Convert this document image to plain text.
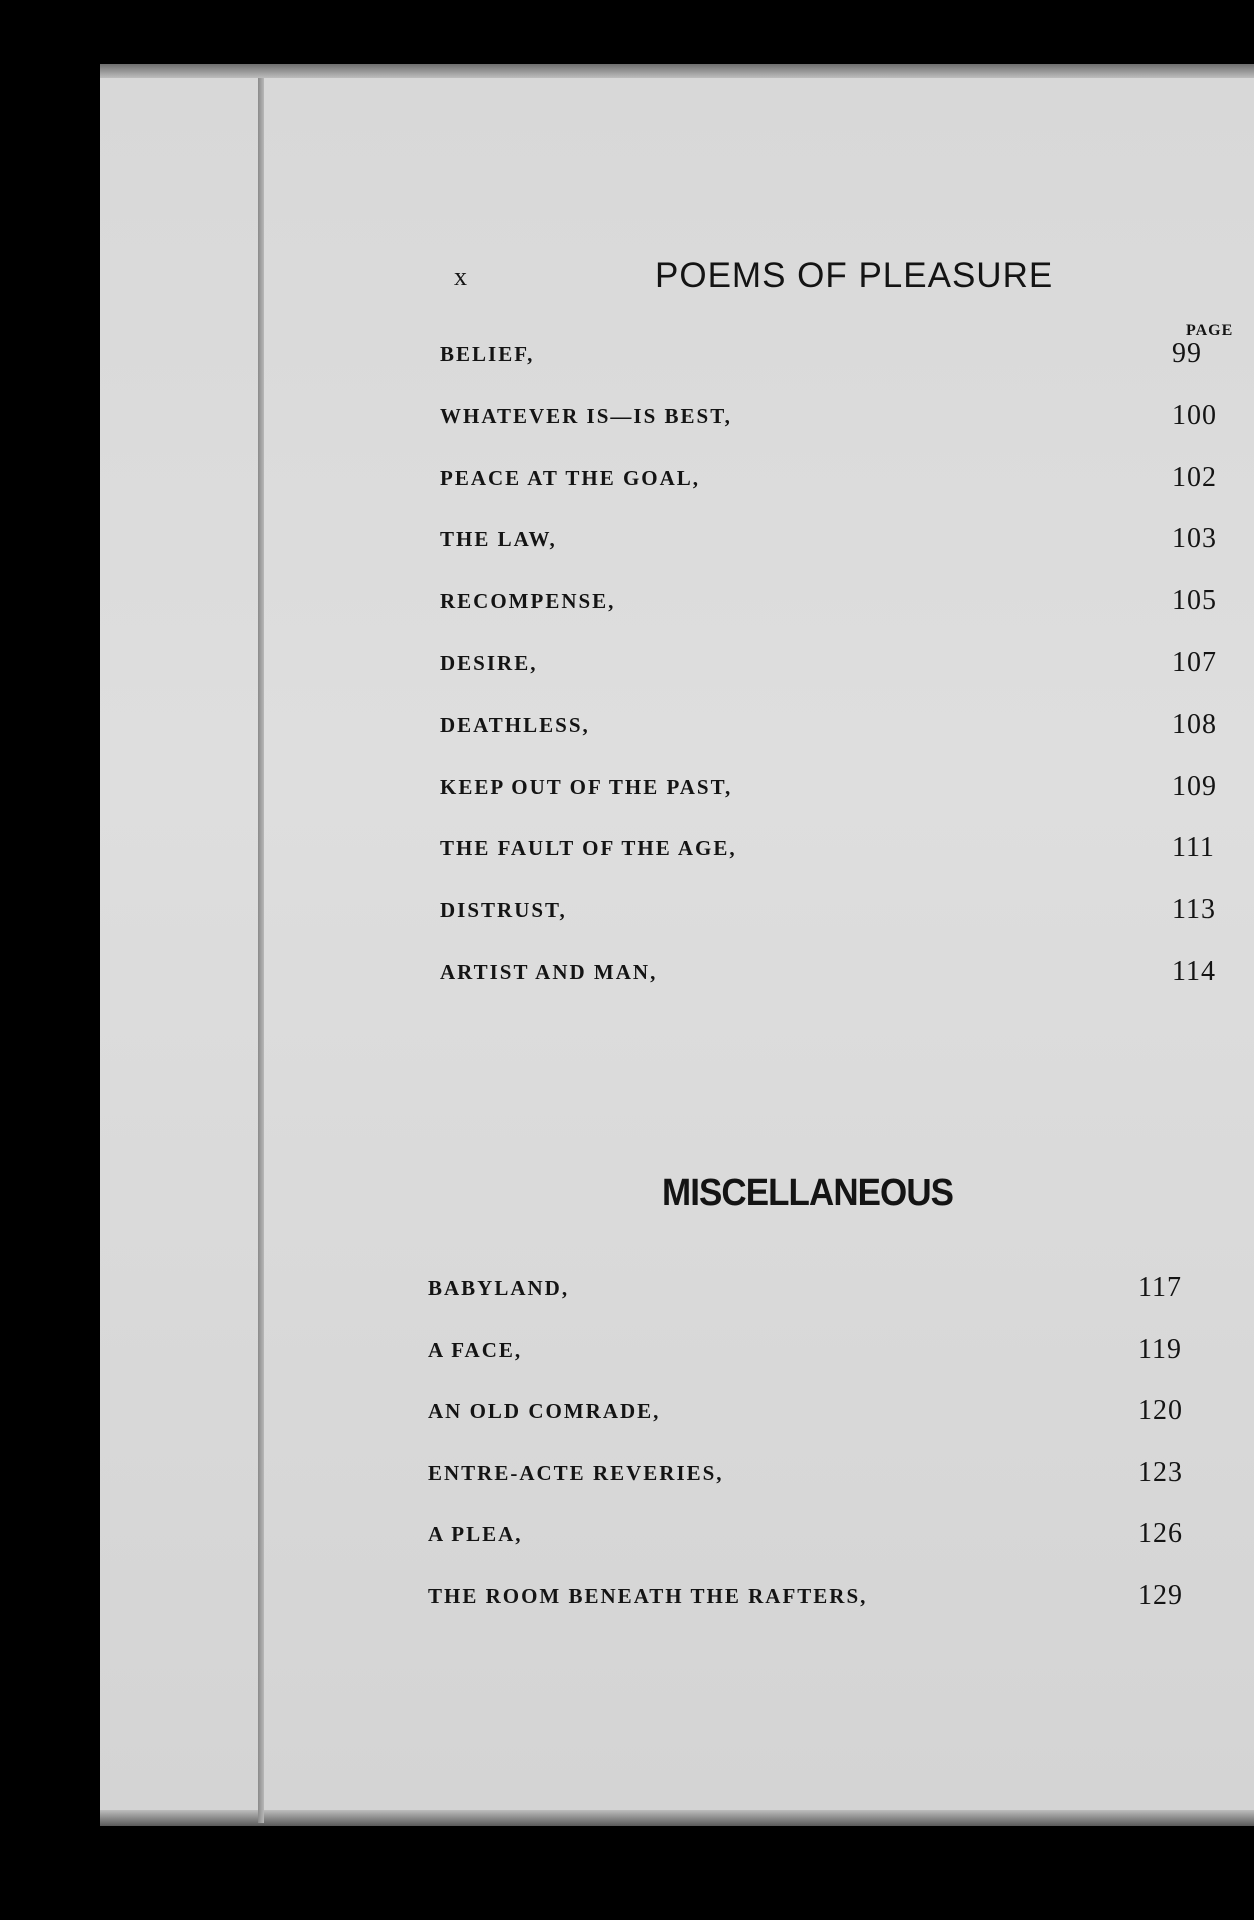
x	POEMS OF PLEASURE
PAGE
BELIEF,	99
WHATEVER IS—IS BEST,	100
PEACE AT THE GOAL,	102
THE LAW,	103
RECOMPENSE,	105
DESIRE,	107
DEATHLESS,	108
KEEP OUT OF THE PAST,	109
THE FAULT OF THE AGE,	111
DISTRUST,	113
ARTIST AND MAN,	114
MISCELLANEOUS
BABYLAND,	117
A FACE,	119
AN OLD COMRADE,	120
ENTRE-ACTE REVERIES,	123
A PLEA,	126
THE ROOM BENEATH THE RAFTERS,	129
